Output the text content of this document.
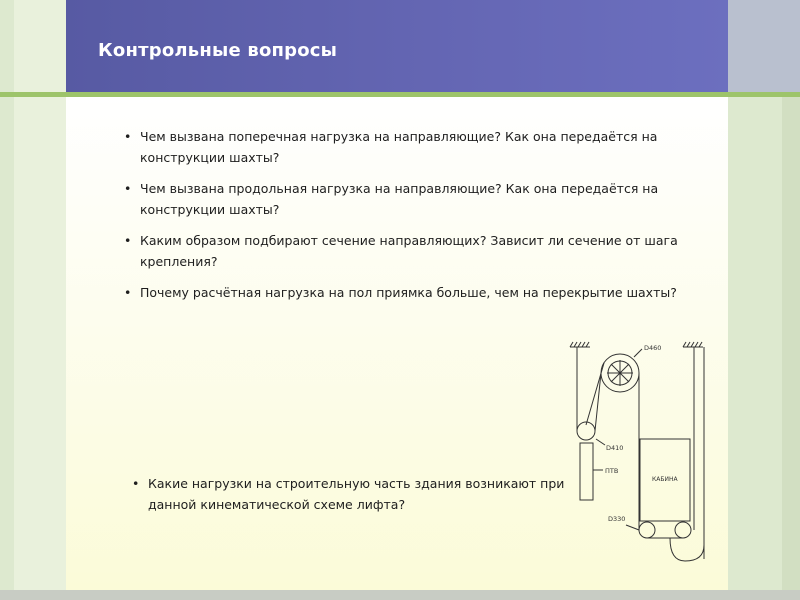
Контрольные вопросы
• Чем вызвана поперечная нагрузка на направляющие? Как она передаётся на конструкции шахты?
• Чем вызвана продольная нагрузка на направляющие? Как она передаётся на конструкции шахты?
• Каким образом подбирают сечение направляющих? Зависит ли сечение от шага крепления?
• Почему расчётная нагрузка на пол приямка больше, чем на перекрытие шахты?
• Какие нагрузки на строительную часть здания возникают при данной кинематической схеме лифта?
D460
D410
ПТВ
КАБИНА
D330
